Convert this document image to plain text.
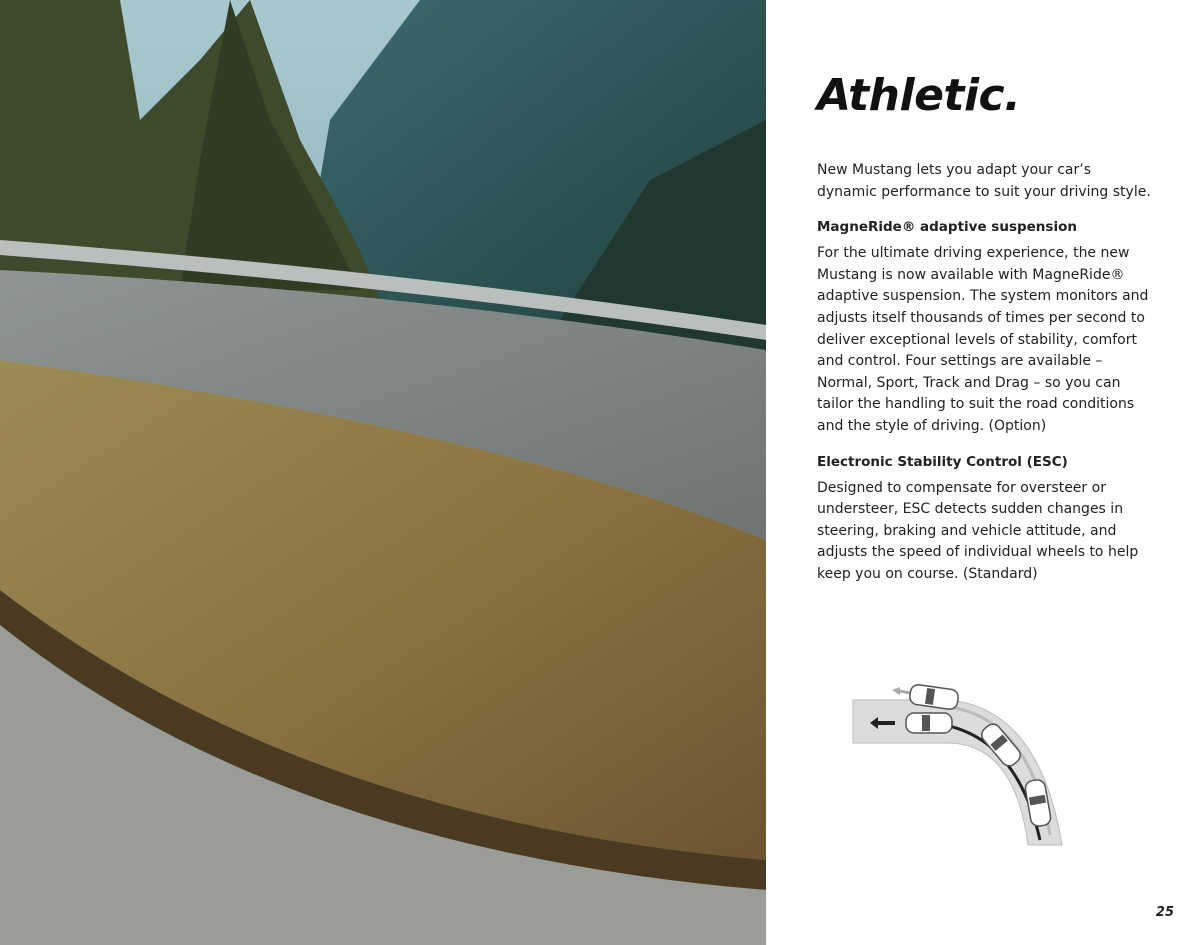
Athletic.

New Mustang lets you adapt your car’s
dynamic performance to suit your driving style.

MagneRide® adaptive suspension

For the ultimate driving experience, the new
Mustang is now available with MagneRide®
adaptive suspension. The system monitors and
adjusts itself thousands of times per second to
deliver exceptional levels of stability, comfort
and control. Four settings are available –
Normal, Sport, Track and Drag – so you can
tailor the handling to suit the road conditions
and the style of driving. (Option)

Electronic Stability Control (ESC)

Designed to compensate for oversteer or
understeer, ESC detects sudden changes in
steering, braking and vehicle attitude, and
adjusts the speed of individual wheels to help
keep you on course. (Standard)

25
